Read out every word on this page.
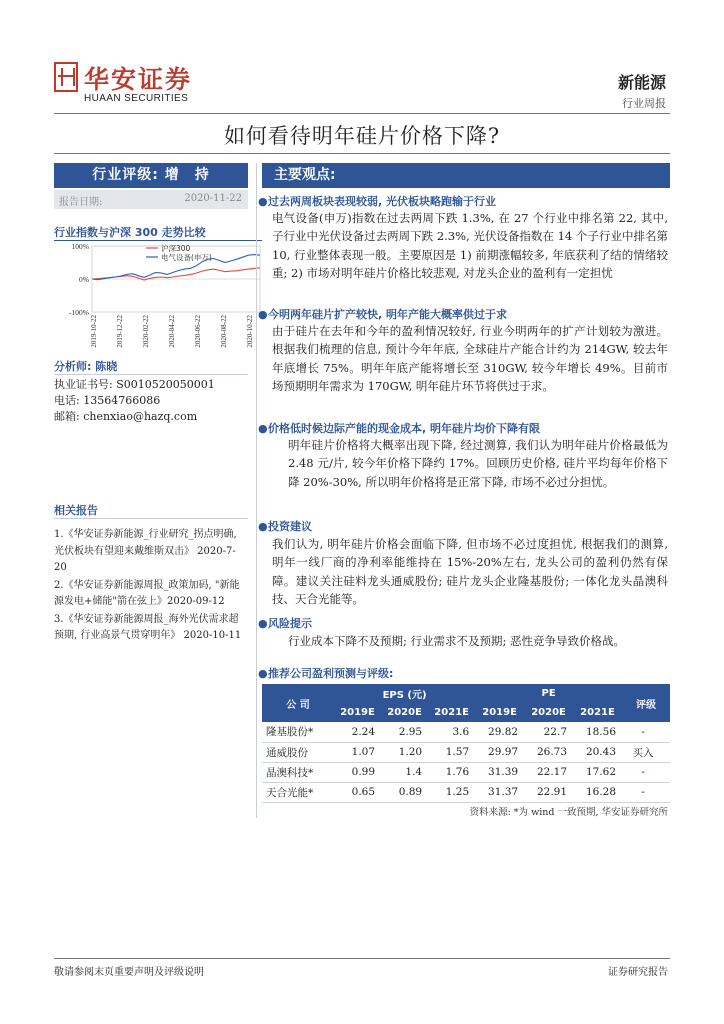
华安证券
HUAAN SECURITIES
新能源
行业周报
如何看待明年硅片价格下降?
行业评级: 增　持
报告日期:	2020-11-22
行业指数与沪深 300 走势比较
100%
0%
-100%
2019-10-22	2019-12-22	2020-02-22	2020-04-22	2020-06-22	2020-08-22	2020-10-22
沪深300
电气设备(申万)
分析师: 陈晓
执业证书号: S0010520050001
电话: 13564766086
邮箱: chenxiao@hazq.com
相关报告
1.《华安证券新能源_行业研究_拐点明确, 光伏板块有望迎来戴维斯双击》 2020-7-20
2.《华安证券新能源周报_政策加码, "新能源发电+储能"箭在弦上》2020-09-12
3.《华安证券新能源周报_海外光伏需求超预期, 行业高景气贯穿明年》 2020-10-11
主要观点:
●过去两周板块表现较弱, 光伏板块略跑输于行业
电气设备(申万)指数在过去两周下跌 1.3%, 在 27 个行业中排名第 22, 其中, 子行业中光伏设备过去两周下跌 2.3%, 光伏设备指数在 14 个子行业中排名第 10, 行业整体表现一般。主要原因是 1) 前期涨幅较多, 年底获利了结的情绪较重; 2) 市场对明年硅片价格比较悲观, 对龙头企业的盈利有一定担忧
●今明两年硅片扩产较快, 明年产能大概率供过于求
由于硅片在去年和今年的盈利情况较好, 行业今明两年的扩产计划较为激进。根据我们梳理的信息, 预计今年年底, 全球硅片产能合计约为 214GW, 较去年年底增长 75%。明年年底产能将增长至 310GW, 较今年增长 49%。目前市场预期明年需求为 170GW, 明年硅片环节将供过于求。
●价格低时候边际产能的现金成本, 明年硅片均价下降有限
明年硅片价格将大概率出现下降, 经过测算, 我们认为明年硅片价格最低为 2.48 元/片, 较今年价格下降约 17%。回顾历史价格, 硅片平均每年价格下降 20%-30%, 所以明年价格将是正常下降, 市场不必过分担忧。
●投资建议
我们认为, 明年硅片价格会面临下降, 但市场不必过度担忧, 根据我们的测算, 明年一线厂商的净利率能维持在 15%-20%左右, 龙头公司的盈利仍然有保障。建议关注硅料龙头通威股份; 硅片龙头企业隆基股份; 一体化龙头晶澳科技、天合光能等。
●风险提示
行业成本下降不及预期; 行业需求不及预期; 恶性竞争导致价格战。
●推荐公司盈利预测与评级:
公 司	EPS (元)			PE			评级
	2019E	2020E	2021E	2019E	2020E	2021E	
隆基股份*	2.24	2.95	3.6	29.82	22.7	18.56	-
通威股份	1.07	1.20	1.57	29.97	26.73	20.43	买入
晶澳科技*	0.99	1.4	1.76	31.39	22.17	17.62	-
天合光能*	0.65	0.89	1.25	31.37	22.91	16.28	-
资料来源: *为 wind 一致预期, 华安证券研究所
敬请参阅末页重要声明及评级说明	证券研究报告
